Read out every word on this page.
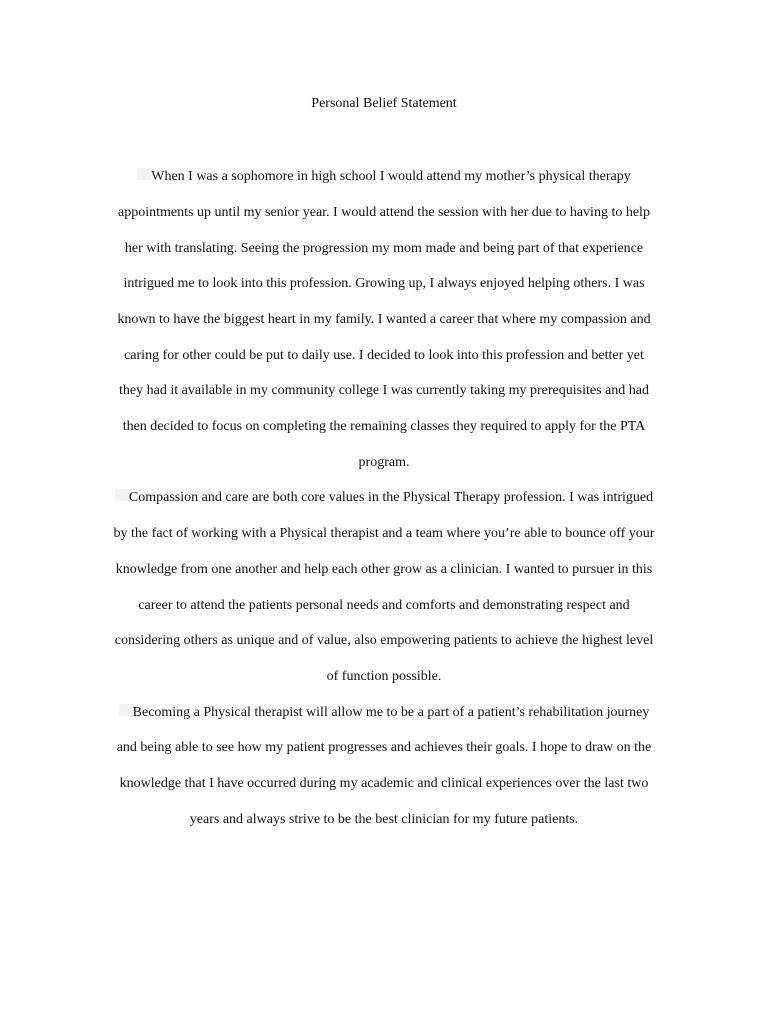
Personal Belief Statement
When I was a sophomore in high school I would attend my mother’s physical therapy
appointments up until my senior year. I would attend the session with her due to having to help
her with translating. Seeing the progression my mom made and being part of that experience
intrigued me to look into this profession. Growing up, I always enjoyed helping others. I was
known to have the biggest heart in my family. I wanted a career that where my compassion and
caring for other could be put to daily use. I decided to look into this profession and better yet
they had it available in my community college I was currently taking my prerequisites and had
then decided to focus on completing the remaining classes they required to apply for the PTA
program.
Compassion and care are both core values in the Physical Therapy profession. I was intrigued
by the fact of working with a Physical therapist and a team where you’re able to bounce off your
knowledge from one another and help each other grow as a clinician. I wanted to pursuer in this
career to attend the patients personal needs and comforts and demonstrating respect and
considering others as unique and of value, also empowering patients to achieve the highest level
of function possible.
Becoming a Physical therapist will allow me to be a part of a patient’s rehabilitation journey
and being able to see how my patient progresses and achieves their goals. I hope to draw on the
knowledge that I have occurred during my academic and clinical experiences over the last two
years and always strive to be the best clinician for my future patients.
